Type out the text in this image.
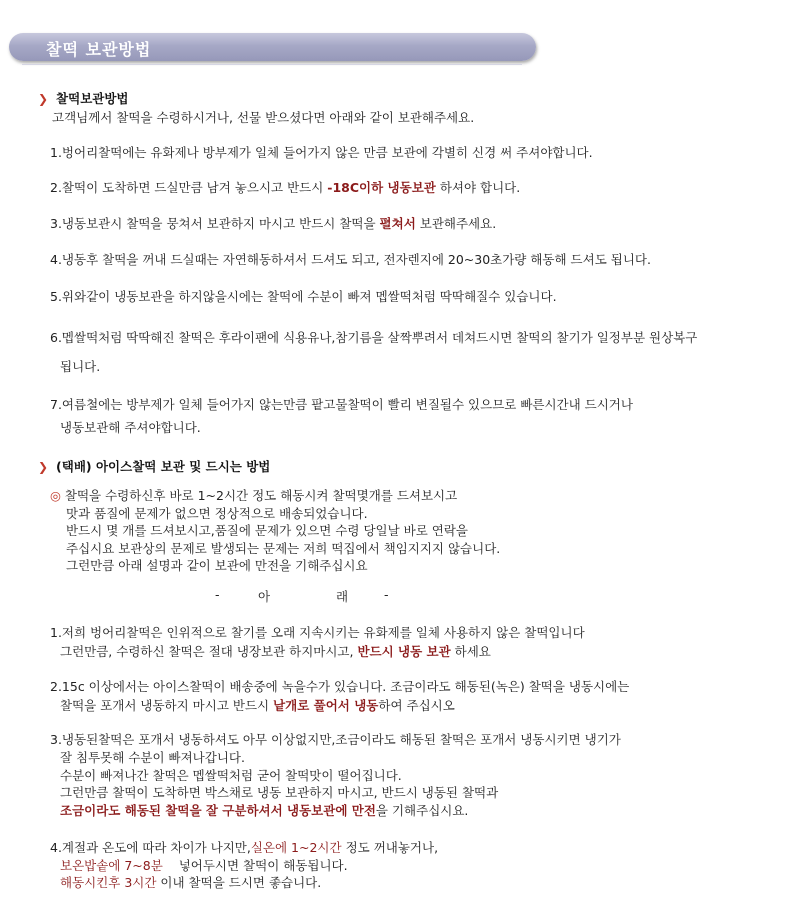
찰떡 보관방법
❯ 찰떡보관방법
고객님께서 찰떡을 수령하시거나, 선물 받으셨다면 아래와 같이 보관해주세요.
1.벙어리찰떡에는 유화제나 방부제가 일체 들어가지 않은 만큼 보관에 각별히 신경 써 주셔야합니다.
2.찰떡이 도착하면 드실만큼 남겨 놓으시고 반드시 -18C이하 냉동보관 하셔야 합니다.
3.냉동보관시 찰떡을 뭉쳐서 보관하지 마시고 반드시 찰떡을 펼쳐서 보관해주세요.
4.냉동후 찰떡을 꺼내 드실때는 자연해동하셔서 드셔도 되고, 전자렌지에 20~30초가량 해동해 드셔도 됩니다.
5.위와같이 냉동보관을 하지않을시에는 찰떡에 수분이 빠져 멥쌀떡처럼 딱딱해질수 있습니다.

6.멥쌀떡처럼 딱딱해진 찰떡은 후라이팬에 식용유나,참기름을 살짝뿌려서 데쳐드시면 찰떡의 찰기가 일정부분 원상복구

됩니다.

7.여름철에는 방부제가 일체 들어가지 않는만큼 팥고물찰떡이 빨리 변질될수 있으므로 빠른시간내 드시거나

냉동보관해 주셔야합니다.

❯ (택배) 아이스찰떡 보관 및 드시는 방법

◎ 찰떡을 수령하신후 바로 1~2시간 정도 해동시켜 찰떡몇개를 드셔보시고

맛과 품질에 문제가 없으면 정상적으로 배송되었습니다.

반드시 몇 개를 드셔보시고,품질에 문제가 있으면 수령 당일날 바로 연락을

주십시요 보관상의 문제로 발생되는 문제는 저희 떡집에서 책임지지지 않습니다.

그런만큼 아래 설명과 같이 보관에 만전을 기해주십시요

-	아	래	-

1.저희 벙어리찰떡은 인위적으로 찰기를 오래 지속시키는 유화제를 일체 사용하지 않은 찰떡입니다

그런만큼, 수령하신 찰떡은 절대 냉장보관 하지마시고, 반드시 냉동 보관 하세요

2.15c 이상에서는 아이스찰떡이 배송중에 녹을수가 있습니다. 조금이라도 해동된(녹은) 찰떡을 냉동시에는

찰떡을 포개서 냉동하지 마시고 반드시 낱개로 풀어서 냉동하여 주십시오

3.냉동된찰떡은 포개서 냉동하셔도 아무 이상없지만,조금이라도 해동된 찰떡은 포개서 냉동시키면 냉기가

잘 침투못해 수분이 빠져나갑니다.

수분이 빠져나간 찰떡은 멥쌀떡처럼 굳어 찰떡맛이 떨어집니다.

그런만큼 찰떡이 도착하면 박스채로 냉동 보관하지 마시고, 반드시 냉동된 찰떡과

조금이라도 해동된 찰떡을 잘 구분하셔서 냉동보관에 만전을 기해주십시요.

4.계절과 온도에 따라 차이가 나지만,실온에 1~2시간 정도 꺼내놓거나,

보온밥솥에 7~8분    넣어두시면 찰떡이 해동됩니다.

해동시킨후 3시간 이내 찰떡을 드시면 좋습니다.
